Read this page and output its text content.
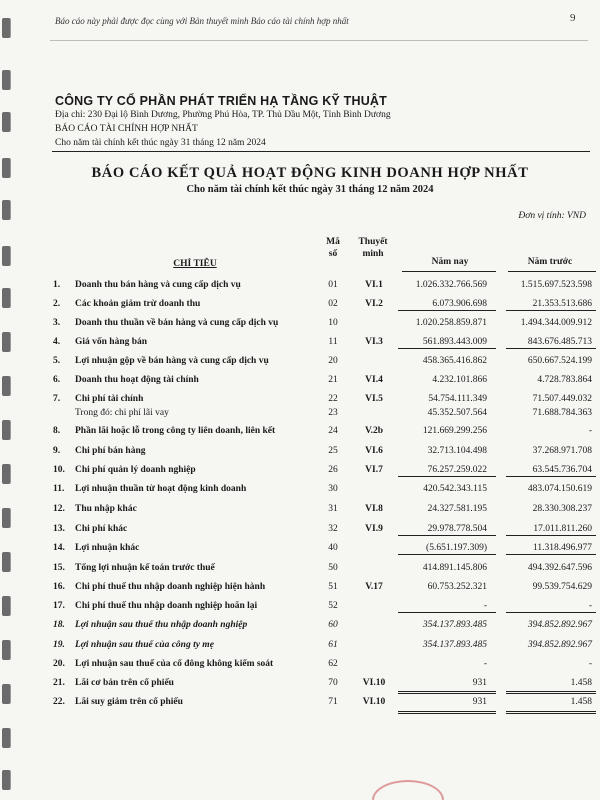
Báo cáo này phải được đọc cùng với Bản thuyết minh Báo cáo tài chính hợp nhất	9
CÔNG TY CỔ PHẦN PHÁT TRIỂN HẠ TẦNG KỸ THUẬT
Địa chỉ: 230 Đại lộ Bình Dương, Phường Phú Hòa, TP. Thủ Dầu Một, Tỉnh Bình Dương
BÁO CÁO TÀI CHÍNH HỢP NHẤT
Cho năm tài chính kết thúc ngày 31 tháng 12 năm 2024
BÁO CÁO KẾT QUẢ HOẠT ĐỘNG KINH DOANH HỢP NHẤT
Cho năm tài chính kết thúc ngày 31 tháng 12 năm 2024
Đơn vị tính: VND
CHỈ TIÊU
Mã
số
Thuyết
minh
Năm nay	Năm trước
1. Doanh thu bán hàng và cung cấp dịch vụ	01	VI.1	1.026.332.766.569	1.515.697.523.598
2. Các khoản giảm trừ doanh thu	02	VI.2	6.073.906.698	21.353.513.686
3. Doanh thu thuần về bán hàng và cung cấp dịch vụ	10	1.020.258.859.871	1.494.344.009.912
4. Giá vốn hàng bán	11	VI.3	561.893.443.009	843.676.485.713
5. Lợi nhuận gộp về bán hàng và cung cấp dịch vụ	20	458.365.416.862	650.667.524.199
6. Doanh thu hoạt động tài chính	21	VI.4	4.232.101.866	4.728.783.864
7. Chi phí tài chính	22	VI.5	54.754.111.349	71.507.449.032
Trong đó: chi phí lãi vay	23	45.352.507.564	71.688.784.363
8. Phần lãi hoặc lỗ trong công ty liên doanh, liên kết	24	V.2b	121.669.299.256	-
9. Chi phí bán hàng	25	VI.6	32.713.104.498	37.268.971.708
10. Chi phí quản lý doanh nghiệp	26	VI.7	76.257.259.022	63.545.736.704
11. Lợi nhuận thuần từ hoạt động kinh doanh	30	420.542.343.115	483.074.150.619
12. Thu nhập khác	31	VI.8	24.327.581.195	28.330.308.237
13. Chi phí khác	32	VI.9	29.978.778.504	17.011.811.260
14. Lợi nhuận khác	40	(5.651.197.309)	11.318.496.977
15. Tổng lợi nhuận kế toán trước thuế	50	414.891.145.806	494.392.647.596
16. Chi phí thuế thu nhập doanh nghiệp hiện hành	51	V.17	60.753.252.321	99.539.754.629
17. Chi phí thuế thu nhập doanh nghiệp hoãn lại	52	-	-
18. Lợi nhuận sau thuế thu nhập doanh nghiệp	60	354.137.893.485	394.852.892.967
19. Lợi nhuận sau thuế của công ty mẹ	61	354.137.893.485	394.852.892.967
20. Lợi nhuận sau thuế của cổ đông không kiểm soát	62	-	-
21. Lãi cơ bản trên cổ phiếu	70	VI.10	931	1.458
22. Lãi suy giảm trên cổ phiếu	71	VI.10	931	1.458
